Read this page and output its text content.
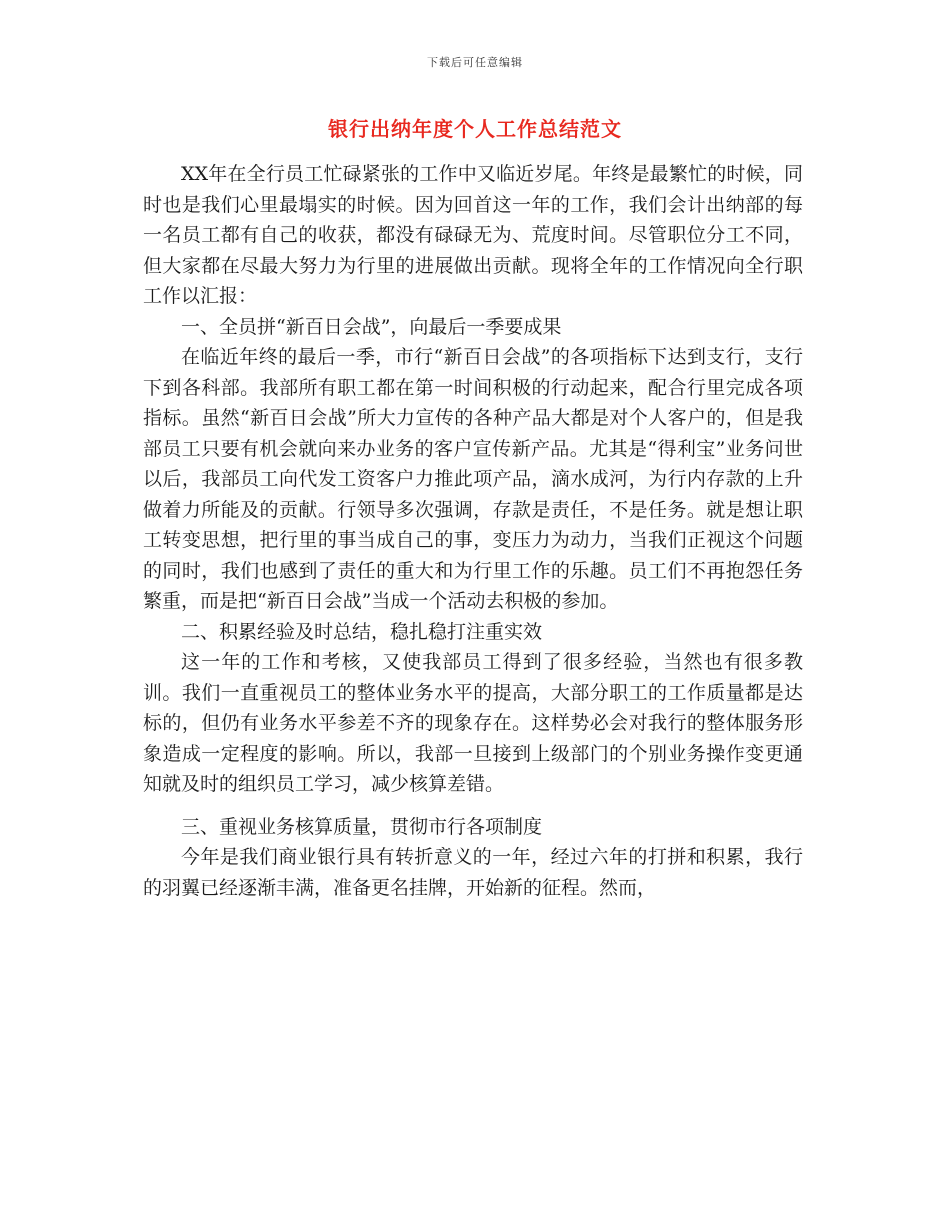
下载后可任意编辑
银行出纳年度个人工作总结范文

XX年在全行员工忙碌紧张的工作中又临近岁尾。年终是最繁忙的时候，同时也是我们心里最塌实的时候。因为回首这一年的工作，我们会计出纳部的每一名员工都有自己的收获，都没有碌碌无为、荒度时间。尽管职位分工不同，但大家都在尽最大努力为行里的进展做出贡献。现将全年的工作情况向全行职工作以汇报：

一、全员拼“新百日会战”，向最后一季要成果

在临近年终的最后一季，市行“新百日会战”的各项指标下达到支行，支行下到各科部。我部所有职工都在第一时间积极的行动起来，配合行里完成各项指标。虽然“新百日会战”所大力宣传的各种产品大都是对个人客户的，但是我部员工只要有机会就向来办业务的客户宣传新产品。尤其是“得利宝”业务问世以后，我部员工向代发工资客户力推此项产品，滴水成河，为行内存款的上升做着力所能及的贡献。行领导多次强调，存款是责任，不是任务。就是想让职工转变思想，把行里的事当成自己的事，变压力为动力，当我们正视这个问题的同时，我们也感到了责任的重大和为行里工作的乐趣。员工们不再抱怨任务繁重，而是把“新百日会战”当成一个活动去积极的参加。

二、积累经验及时总结，稳扎稳打注重实效

这一年的工作和考核，又使我部员工得到了很多经验，当然也有很多教训。我们一直重视员工的整体业务水平的提高，大部分职工的工作质量都是达标的，但仍有业务水平参差不齐的现象存在。这样势必会对我行的整体服务形象造成一定程度的影响。所以，我部一旦接到上级部门的个别业务操作变更通知就及时的组织员工学习，减少核算差错。

三、重视业务核算质量，贯彻市行各项制度

今年是我们商业银行具有转折意义的一年，经过六年的打拼和积累，我行的羽翼已经逐渐丰满，准备更名挂牌，开始新的征程。然而，
